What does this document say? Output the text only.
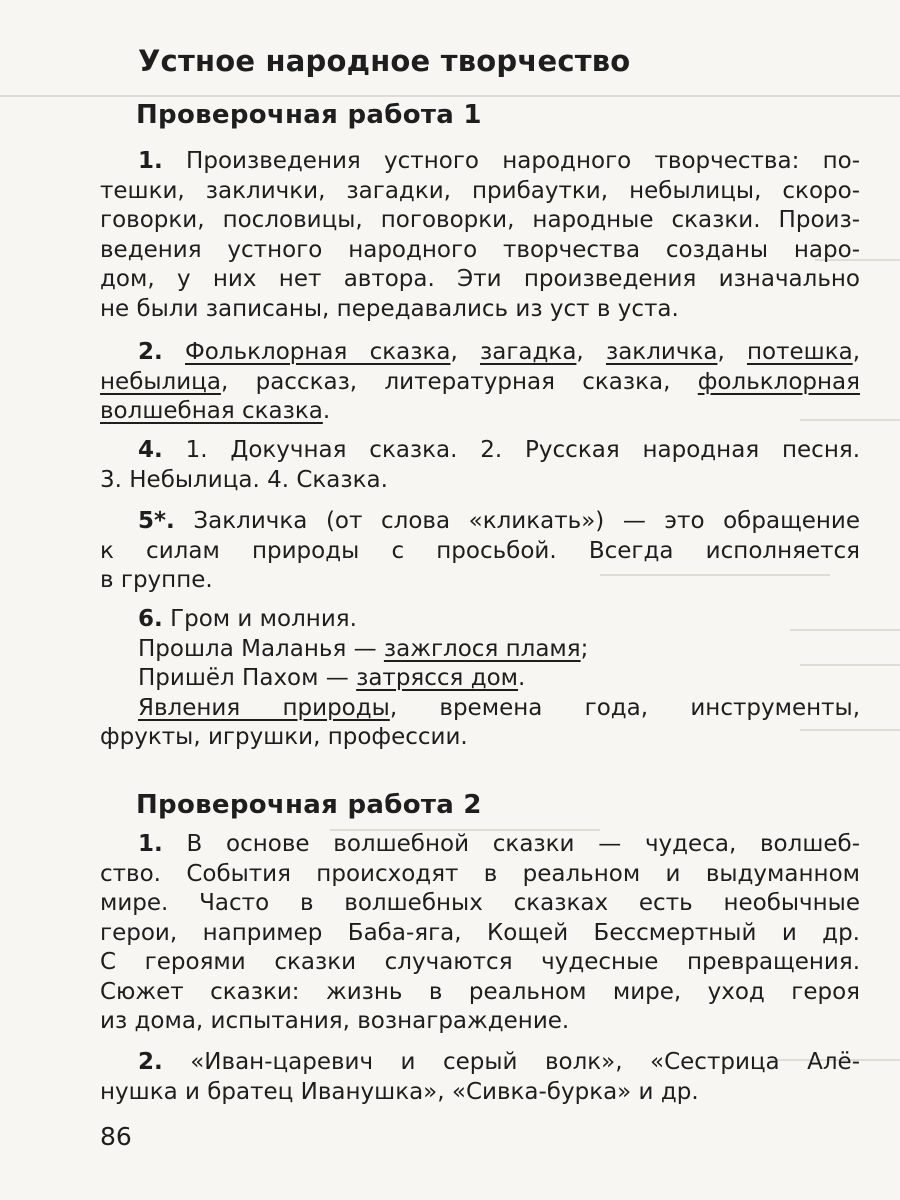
Устное народное творчество
Проверочная работа 1

1. Произведения устного народного творчества: по-

тешки, заклички, загадки, прибаутки, небылицы, скоро-

говорки, пословицы, поговорки, народные сказки. Произ-

ведения устного народного творчества созданы наро-

дом, у них нет автора. Эти произведения изначально

не были записаны, передавались из уст в уста.

2. Фольклорная сказка, загадка, закличка, потешка,

небылица, рассказ, литературная сказка, фольклорная

волшебная сказка.

4. 1. Докучная сказка. 2. Русская народная песня.

3. Небылица. 4. Сказка.

5*. Закличка (от слова «кликать») — это обращение

к силам природы с просьбой. Всегда исполняется

в группе.

6. Гром и молния.

Прошла Маланья — зажглося пламя;

Пришёл Пахом — затрясся дом.

Явления природы, времена года, инструменты,

фрукты, игрушки, профессии.

Проверочная работа 2

1. В основе волшебной сказки — чудеса, волшеб-

ство. События происходят в реальном и выдуманном

мире. Часто в волшебных сказках есть необычные

герои, например Баба-яга, Кощей Бессмертный и др.

С героями сказки случаются чудесные превращения.

Сюжет сказки: жизнь в реальном мире, уход героя

из дома, испытания, вознаграждение.

2. «Иван-царевич и серый волк», «Сестрица Алё-

нушка и братец Иванушка», «Сивка-бурка» и др.

86
